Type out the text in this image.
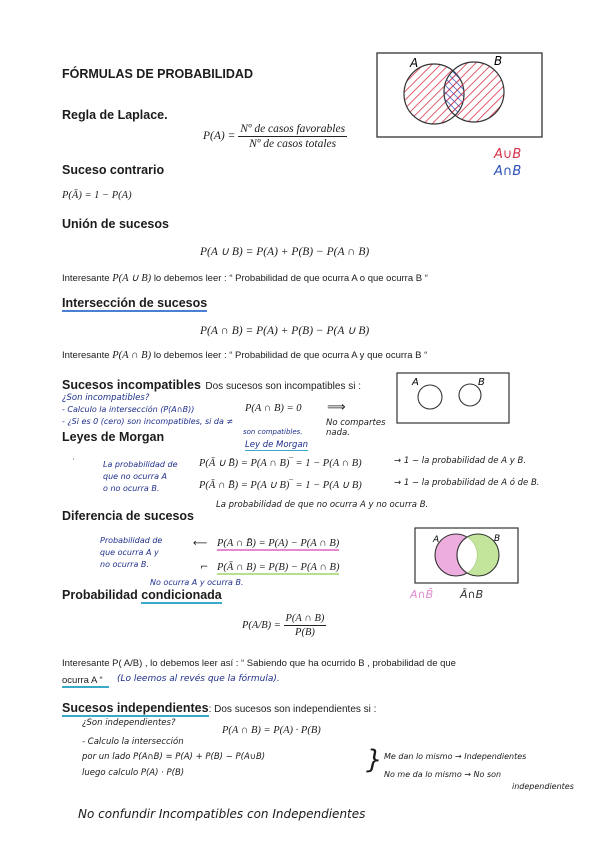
FÓRMULAS DE PROBABILIDAD
A	B
A∪B
A∩B
Regla de Laplace.
$P(A) = \frac{\text{Nº de casos favorables}}{\text{Nº de casos totales}}$
Suceso contrario
P(Ā) = 1 − P(A)
Unión de sucesos
P(A ∪ B) = P(A) + P(B) − P(A ∩ B)
Interesante P(A ∪ B) lo debemos leer : “ Probabilidad de que ocurra A o que ocurra B “
Intersección de sucesos
P(A ∩ B) = P(A) + P(B) − P(A ∪ B)
Interesante P(A ∩ B) lo debemos leer : “ Probabilidad de que ocurra A y que ocurra B “
Sucesos incompatibles Dos sucesos son incompatibles si :
¿Son incompatibles?
- Calculo la intersección (P(A∩B))
- ¿Si es 0 (cero) son incompatibles, si da ≠
son compatibles.
P(A ∩ B) = 0 ⟹
No compartes nada.
A	B
Leyes de Morgan
Ley de Morgan
·
La probabilidad de
que no ocurra A
o no ocurra B.
P(Ā ∪ B̄) = P(A ∩ B)‾ = 1 − P(A ∩ B)	→ 1 − la probabilidad de A y B.
P(Ā ∩ B̄) = P(A ∪ B)‾ = 1 − P(A ∪ B)	→ 1 − la probabilidad de A ó de B.
La probabilidad de que no ocurra A y no ocurra B.
Diferencia de sucesos
Probabilidad de
que ocurra A y
no ocurra B.
⟵ P(A ∩ B̄) = P(A) − P(A ∩ B)
⌐ P(Ā ∩ B) = P(B) − P(A ∩ B)
No ocurra A y ocurra B.
A	B
A∩B̄ Ā∩B
Probabilidad condicionada
$P(A/B) = \frac{P(A \cap B)}{P(B)}$
Interesante P( A/B) , lo debemos leer así : “ Sabiendo que ha ocurrido B , probabilidad de que
ocurra A “	(Lo leemos al revés que la fórmula).
Sucesos independientes: Dos sucesos son independientes si :
¿Son independientes?
P(A ∩ B) = P(A) · P(B)
- Calculo la intersección
por un lado P(A∩B) = P(A) + P(B) − P(A∪B)
luego calculo P(A) · P(B)	} Me dan lo mismo → Independientes
No me da lo mismo → No son
independientes
No confundir Incompatibles con Independientes
